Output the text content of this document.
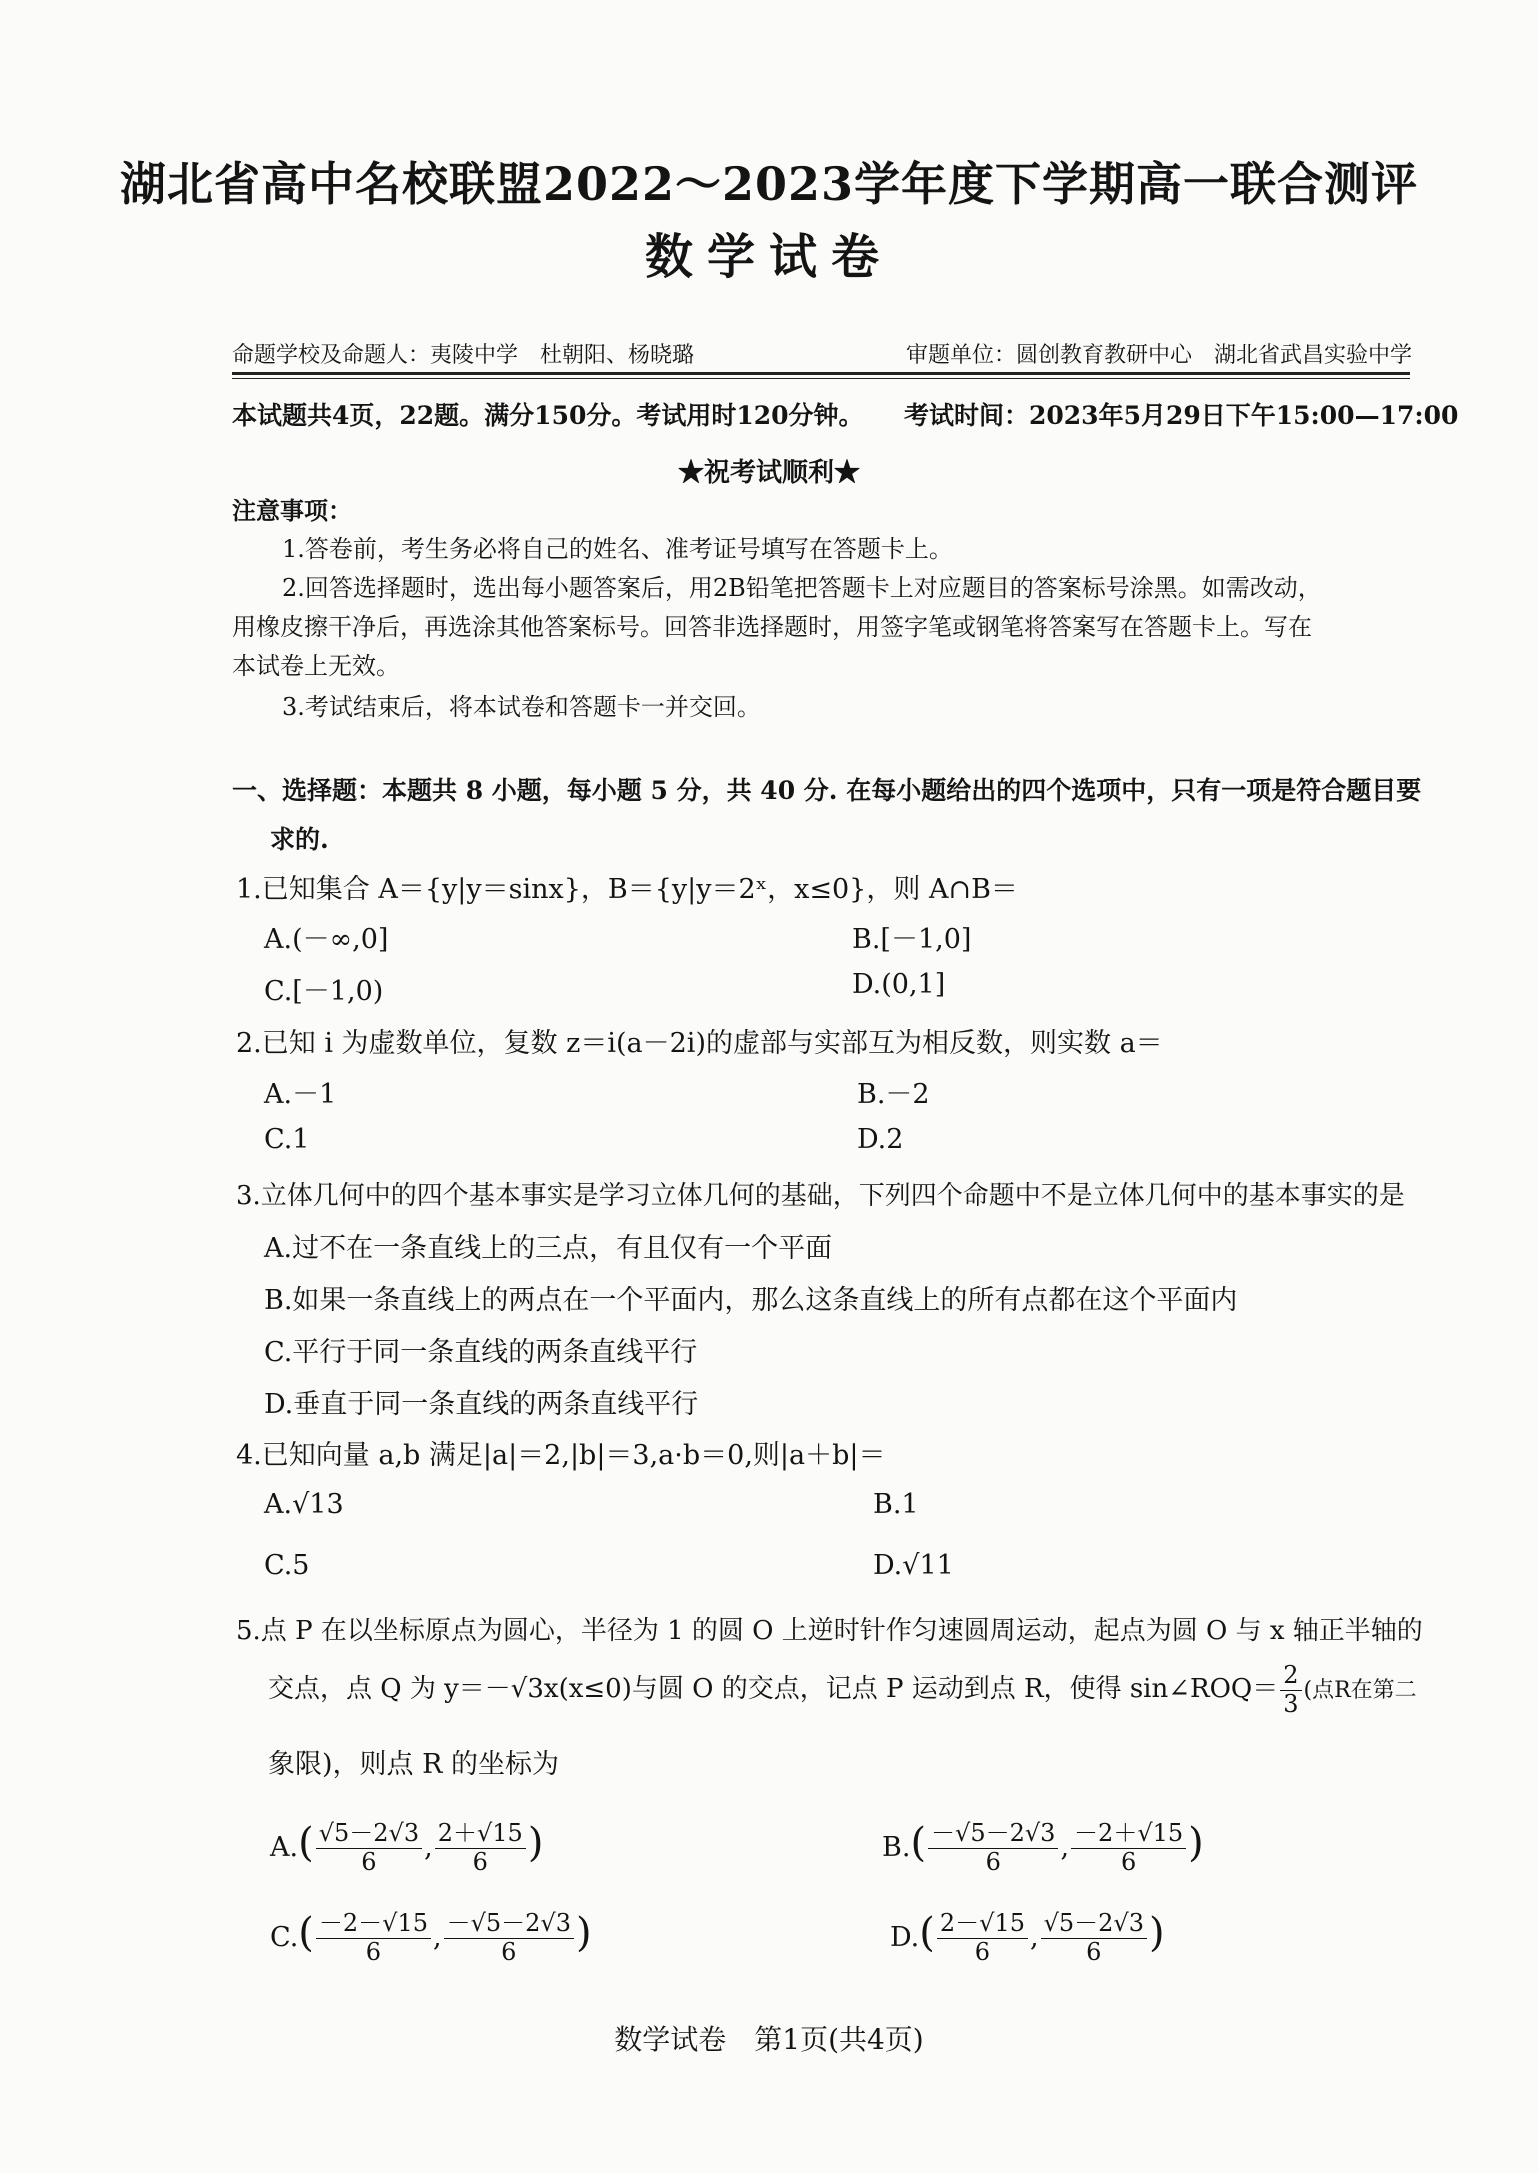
湖北省高中名校联盟2022～2023学年度下学期高一联合测评
数学试卷
命题学校及命题人：夷陵中学　杜朝阳、杨晓璐	审题单位：圆创教育教研中心　湖北省武昌实验中学
本试题共4页，22题。满分150分。考试用时120分钟。 考试时间：2023年5月29日下午15:00—17:00
★祝考试顺利★
注意事项：
1.答卷前，考生务必将自己的姓名、准考证号填写在答题卡上。
2.回答选择题时，选出每小题答案后，用2B铅笔把答题卡上对应题目的答案标号涂黑。如需改动，
用橡皮擦干净后，再选涂其他答案标号。回答非选择题时，用签字笔或钢笔将答案写在答题卡上。写在
本试卷上无效。
3.考试结束后，将本试卷和答题卡一并交回。
一、选择题：本题共 8 小题，每小题 5 分，共 40 分. 在每小题给出的四个选项中，只有一项是符合题目要
求的.
1.已知集合 A＝{y|y＝sinx}，B＝{y|y＝2ˣ，x≤0}，则 A∩B＝
A.(－∞,0]	B.[－1,0]
C.[－1,0)	D.(0,1]
2.已知 i 为虚数单位，复数 z＝i(a－2i)的虚部与实部互为相反数，则实数 a＝
A.－1	B.－2
C.1	D.2
3.立体几何中的四个基本事实是学习立体几何的基础，下列四个命题中不是立体几何中的基本事实的是
A.过不在一条直线上的三点，有且仅有一个平面
B.如果一条直线上的两点在一个平面内，那么这条直线上的所有点都在这个平面内
C.平行于同一条直线的两条直线平行
D.垂直于同一条直线的两条直线平行
4.已知向量 a,b 满足|a|＝2,|b|＝3,a·b＝0,则|a＋b|＝
A.√13	B.1
C.5	D.√11
5.点 P 在以坐标原点为圆心，半径为 1 的圆 O 上逆时针作匀速圆周运动，起点为圆 O 与 x 轴正半轴的
交点，点 Q 为 y＝－√3x(x≤0)与圆 O 的交点，记点 P 运动到点 R，使得 sin∠ROQ＝ $\frac{2}{3}$ (点R在第二
象限)，则点 R 的坐标为
$A.( \frac{√5-2√3}{6}$ , $\frac{2+√15}{6}$ )	$B.( \frac{-√5-2√3}{6}$ , $\frac{-2+√15}{6}$ )
$C.( \frac{-2-√15}{6}$ , $\frac{-√5-2√3}{6}$ )	$D.( \frac{2-√15}{6}$ , $\frac{√5-2√3}{6}$ )
数学试卷　第1页(共4页)
